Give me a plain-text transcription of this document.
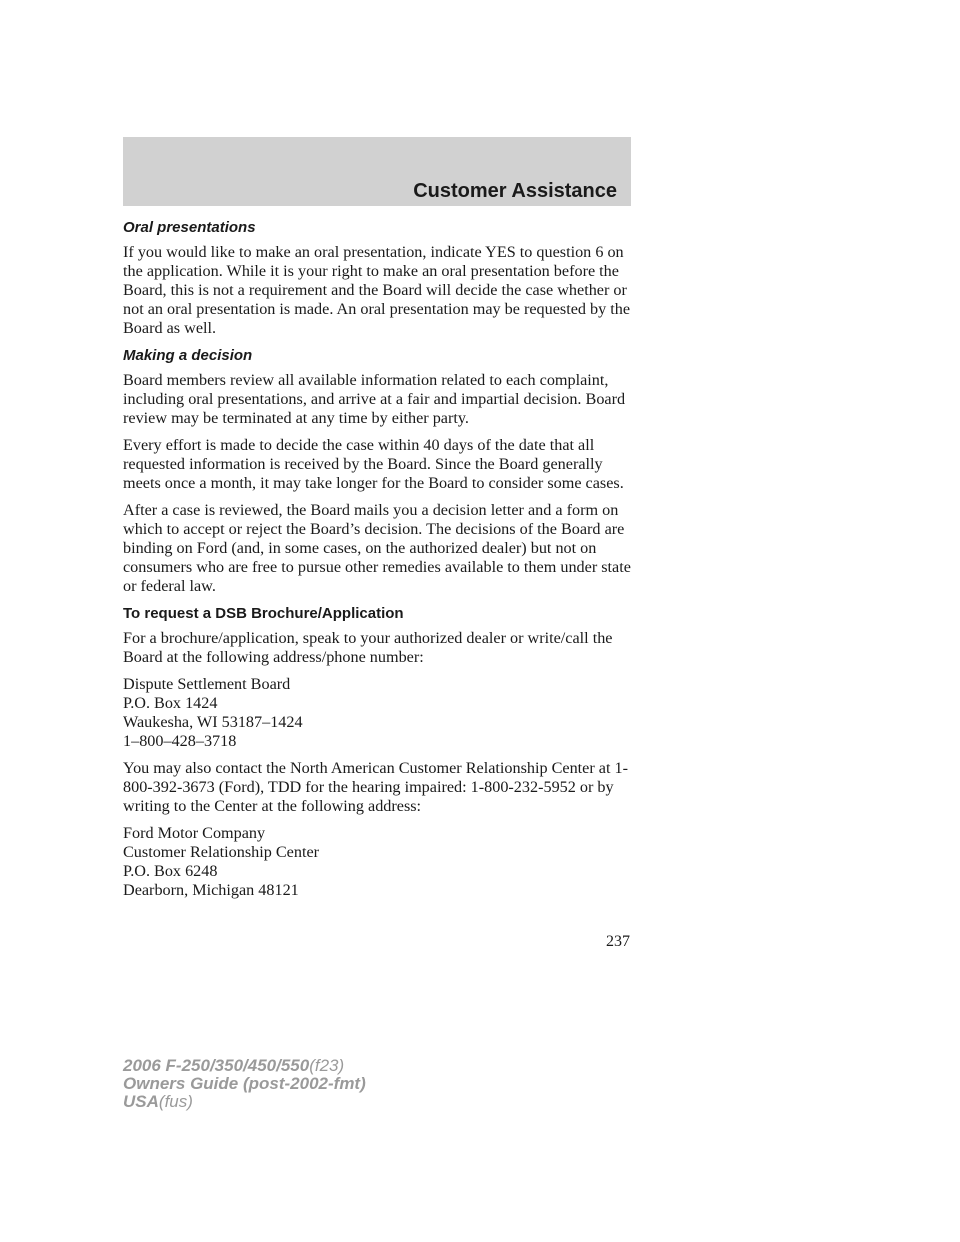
Customer Assistance
Oral presentations

If you would like to make an oral presentation, indicate YES to question 6 on the application. While it is your right to make an oral presentation before the Board, this is not a requirement and the Board will decide the case whether or not an oral presentation is made. An oral presentation may be requested by the Board as well.

Making a decision

Board members review all available information related to each complaint, including oral presentations, and arrive at a fair and impartial decision. Board review may be terminated at any time by either party.

Every effort is made to decide the case within 40 days of the date that all requested information is received by the Board. Since the Board generally meets once a month, it may take longer for the Board to consider some cases.

After a case is reviewed, the Board mails you a decision letter and a form on which to accept or reject the Board’s decision. The decisions of the Board are binding on Ford (and, in some cases, on the authorized dealer) but not on consumers who are free to pursue other remedies available to them under state or federal law.

To request a DSB Brochure/Application

For a brochure/application, speak to your authorized dealer or write/call the Board at the following address/phone number:

Dispute Settlement Board
P.O. Box 1424
Waukesha, WI 53187–1424
1–800–428–3718

You may also contact the North American Customer Relationship Center at 1-800-392-3673 (Ford), TDD for the hearing impaired: 1-800-232-5952 or by writing to the Center at the following address:

Ford Motor Company
Customer Relationship Center
P.O. Box 6248
Dearborn, Michigan 48121

237
2006 F-250/350/450/550(f23)
Owners Guide (post-2002-fmt)
USA(fus)
